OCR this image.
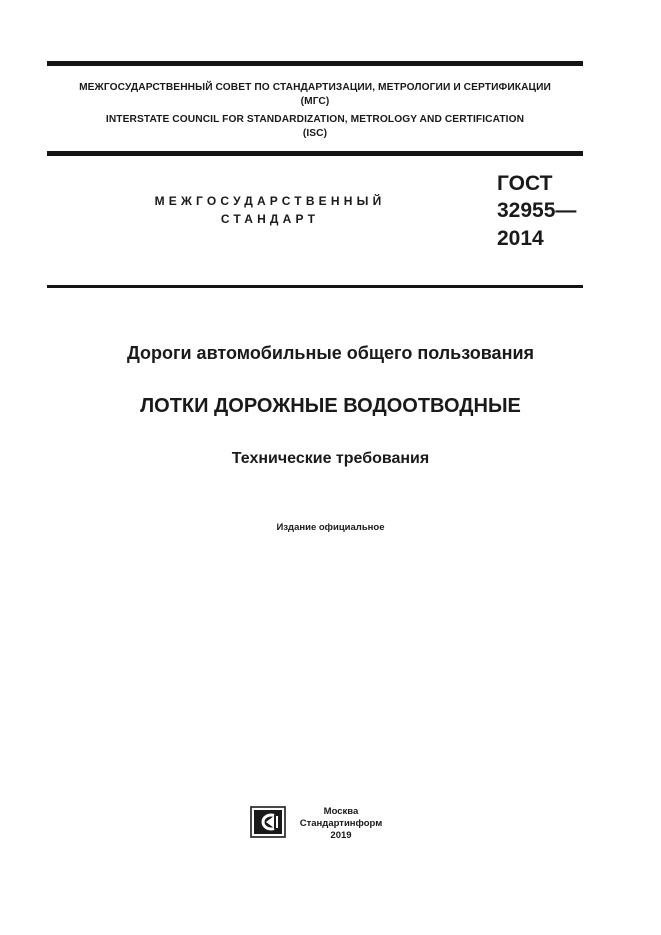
МЕЖГОСУДАРСТВЕННЫЙ СОВЕТ ПО СТАНДАРТИЗАЦИИ, МЕТРОЛОГИИ И СЕРТИФИКАЦИИ
(МГС)
INTERSTATE COUNCIL FOR STANDARDIZATION, METROLOGY AND CERTIFICATION
(ISC)
МЕЖГОСУДАРСТВЕННЫЙ
СТАНДАРТ
ГОСТ
32955—
2014
Дороги автомобильные общего пользования
ЛОТКИ ДОРОЖНЫЕ ВОДООТВОДНЫЕ
Технические требования
Издание официальное
Москва
Стандартинформ
2019
